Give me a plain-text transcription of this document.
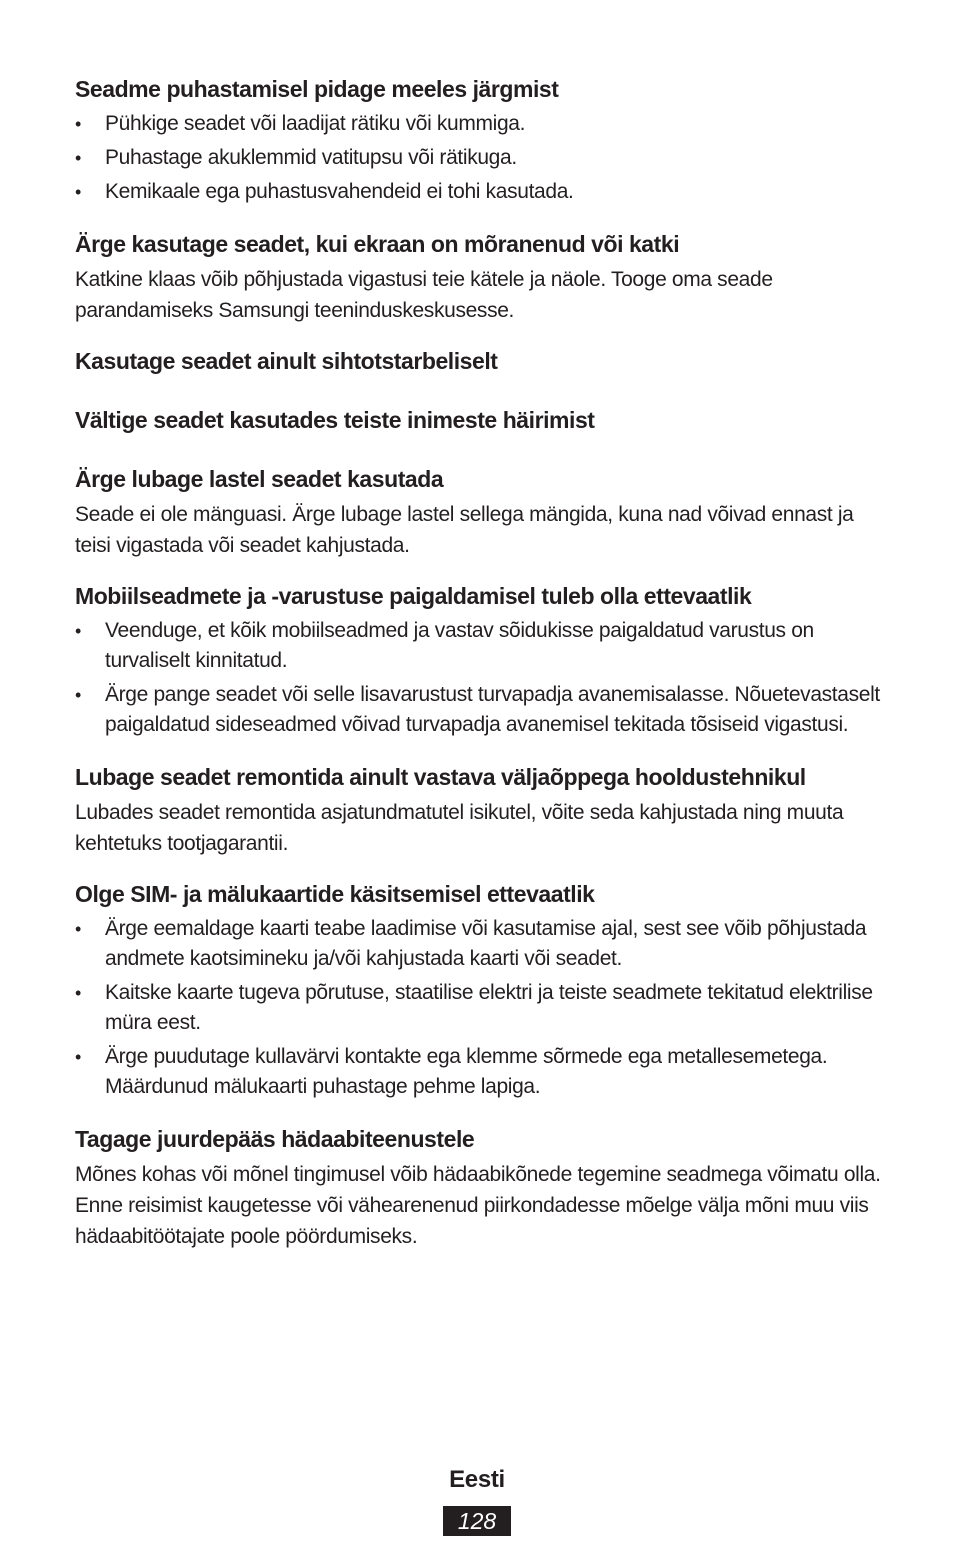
Seadme puhastamisel pidage meeles järgmist
• Pühkige seadet või laadijat rätiku või kummiga.
• Puhastage akuklemmid vatitupsu või rätikuga.
• Kemikaale ega puhastusvahendeid ei tohi kasutada.
Ärge kasutage seadet, kui ekraan on mõranenud või katki

Katkine klaas võib põhjustada vigastusi teie kätele ja näole. Tooge oma seade parandamiseks Samsungi teeninduskeskusesse.

Kasutage seadet ainult sihtotstarbeliselt
Vältige seadet kasutades teiste inimeste häirimist
Ärge lubage lastel seadet kasutada

Seade ei ole mänguasi. Ärge lubage lastel sellega mängida, kuna nad võivad ennast ja teisi vigastada või seadet kahjustada.

Mobiilseadmete ja -varustuse paigaldamisel tuleb olla ettevaatlik
• Veenduge, et kõik mobiilseadmed ja vastav sõidukisse paigaldatud varustus on turvaliselt kinnitatud.
• Ärge pange seadet või selle lisavarustust turvapadja avanemisalasse. Nõuetevastaselt paigaldatud sideseadmed võivad turvapadja avanemisel tekitada tõsiseid vigastusi.
Lubage seadet remontida ainult vastava väljaõppega hooldustehnikul

Lubades seadet remontida asjatundmatutel isikutel, võite seda kahjustada ning muuta kehtetuks tootjagarantii.

Olge SIM- ja mälukaartide käsitsemisel ettevaatlik
• Ärge eemaldage kaarti teabe laadimise või kasutamise ajal, sest see võib põhjustada andmete kaotsimineku ja/või kahjustada kaarti või seadet.
• Kaitske kaarte tugeva põrutuse, staatilise elektri ja teiste seadmete tekitatud elektrilise müra eest.
• Ärge puudutage kullavärvi kontakte ega klemme sõrmede ega metallesemetega. Määrdunud mälukaarti puhastage pehme lapiga.
Tagage juurdepääs hädaabiteenustele

Mõnes kohas või mõnel tingimusel võib hädaabikõnede tegemine seadmega võimatu olla. Enne reisimist kaugetesse või vähearenenud piirkondadesse mõelge välja mõni muu viis hädaabitöötajate poole pöördumiseks.

Eesti
128
